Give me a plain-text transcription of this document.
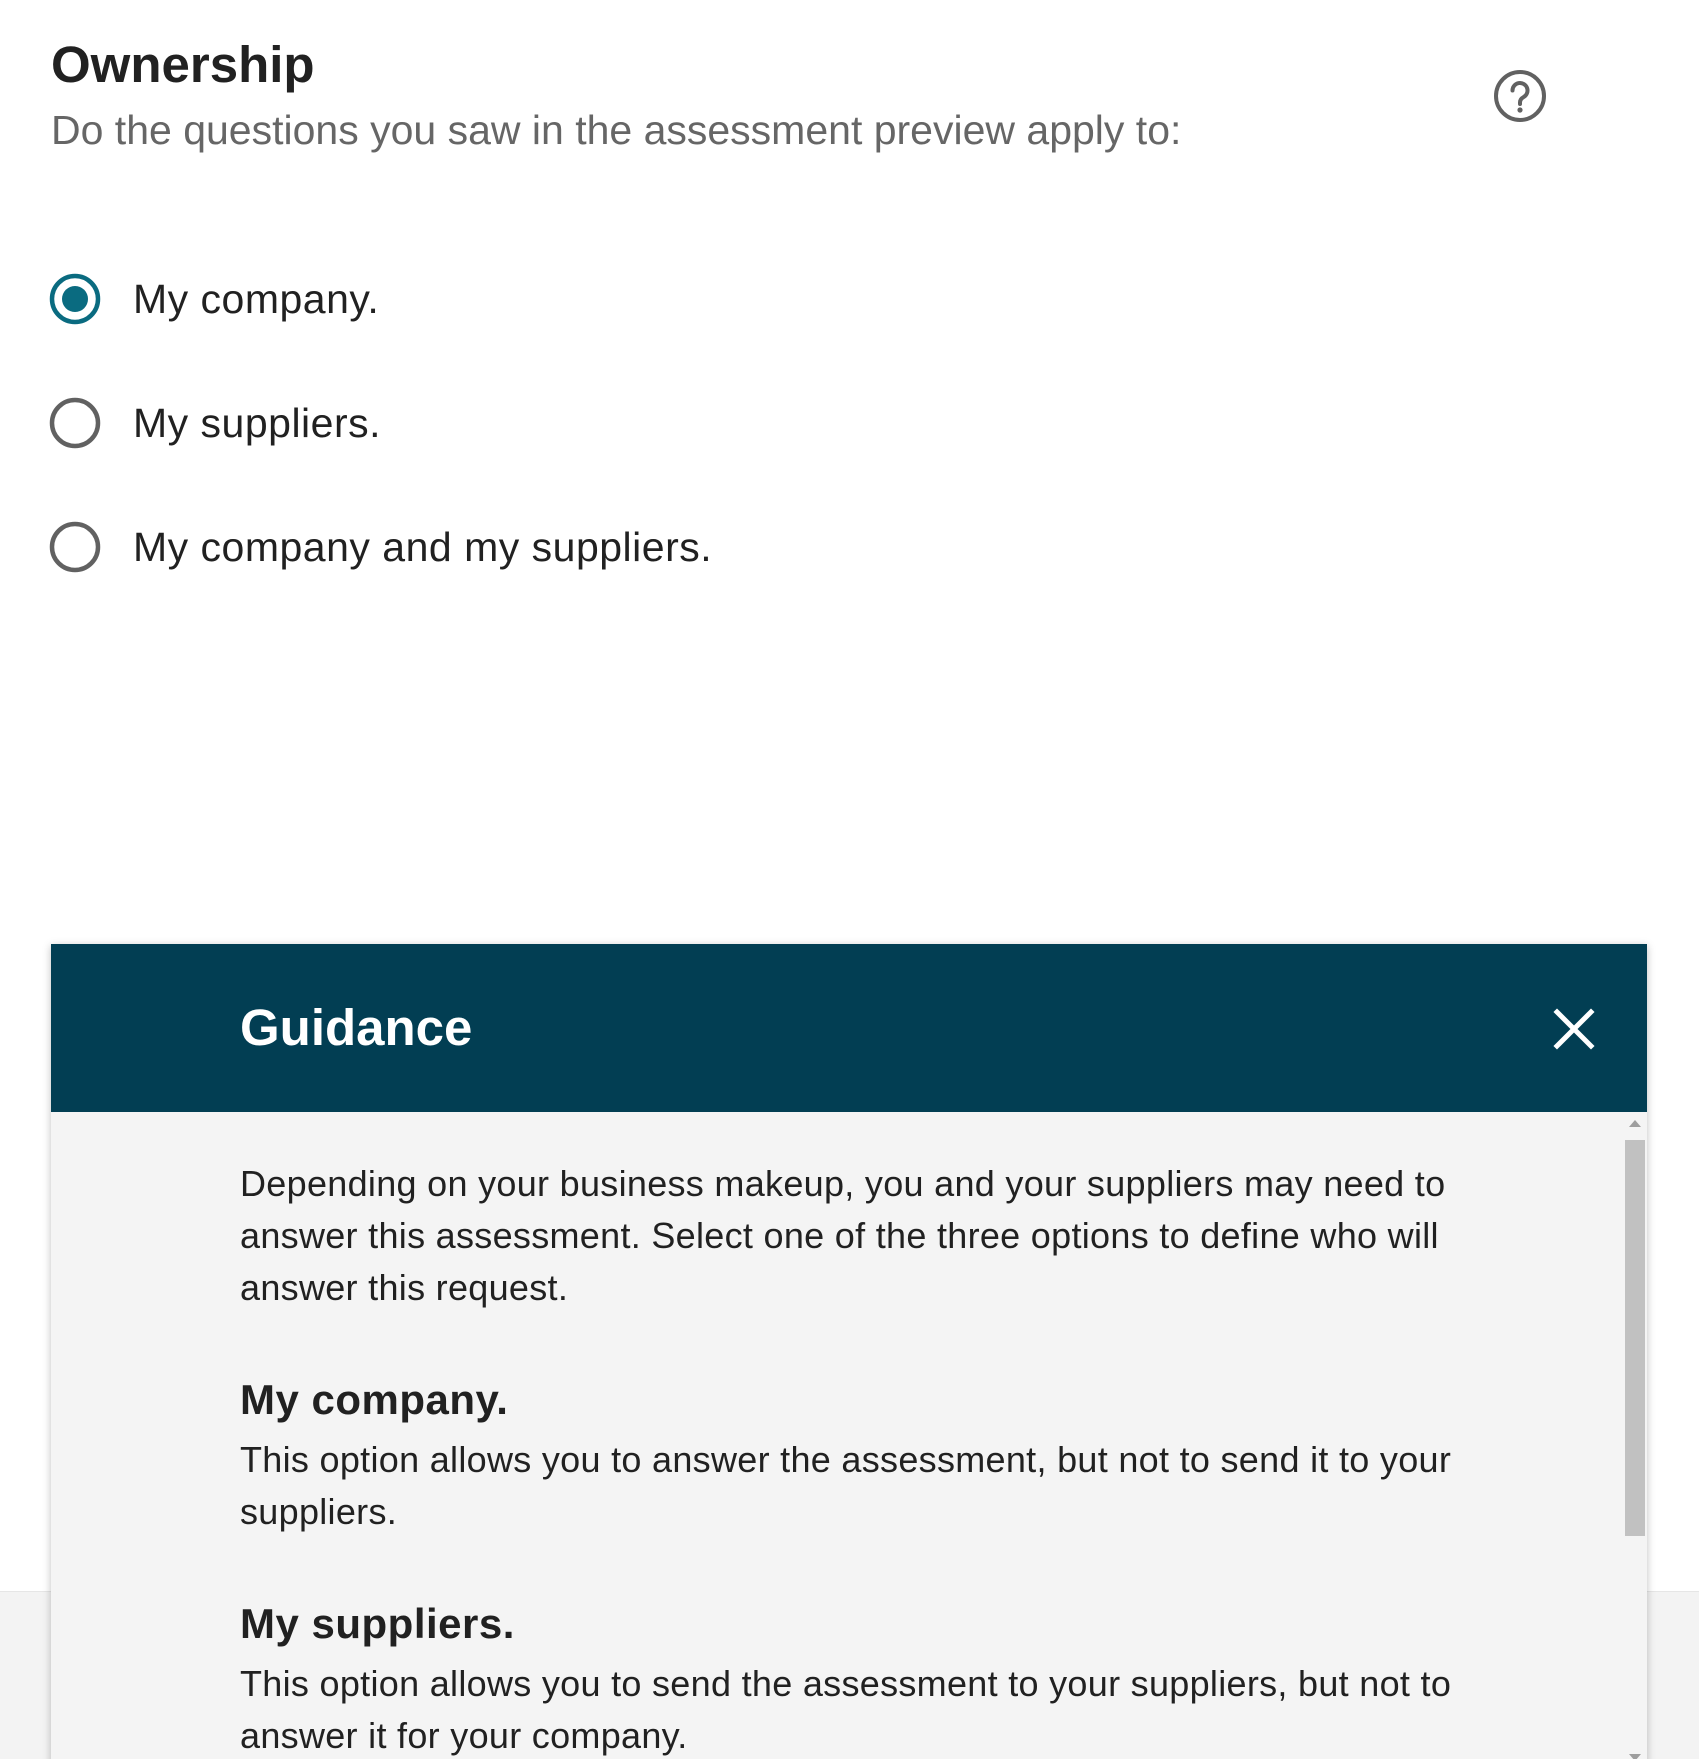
Ownership

Do the questions you saw in the assessment preview apply to:

My company.
My suppliers.
My company and my suppliers.
Guidance

Depending on your business makeup, you and your suppliers may need to answer this assessment. Select one of the three options to define who will answer this request.

My company.

This option allows you to answer the assessment, but not to send it to your suppliers.

My suppliers.

This option allows you to send the assessment to your suppliers, but not to answer it for your company.
